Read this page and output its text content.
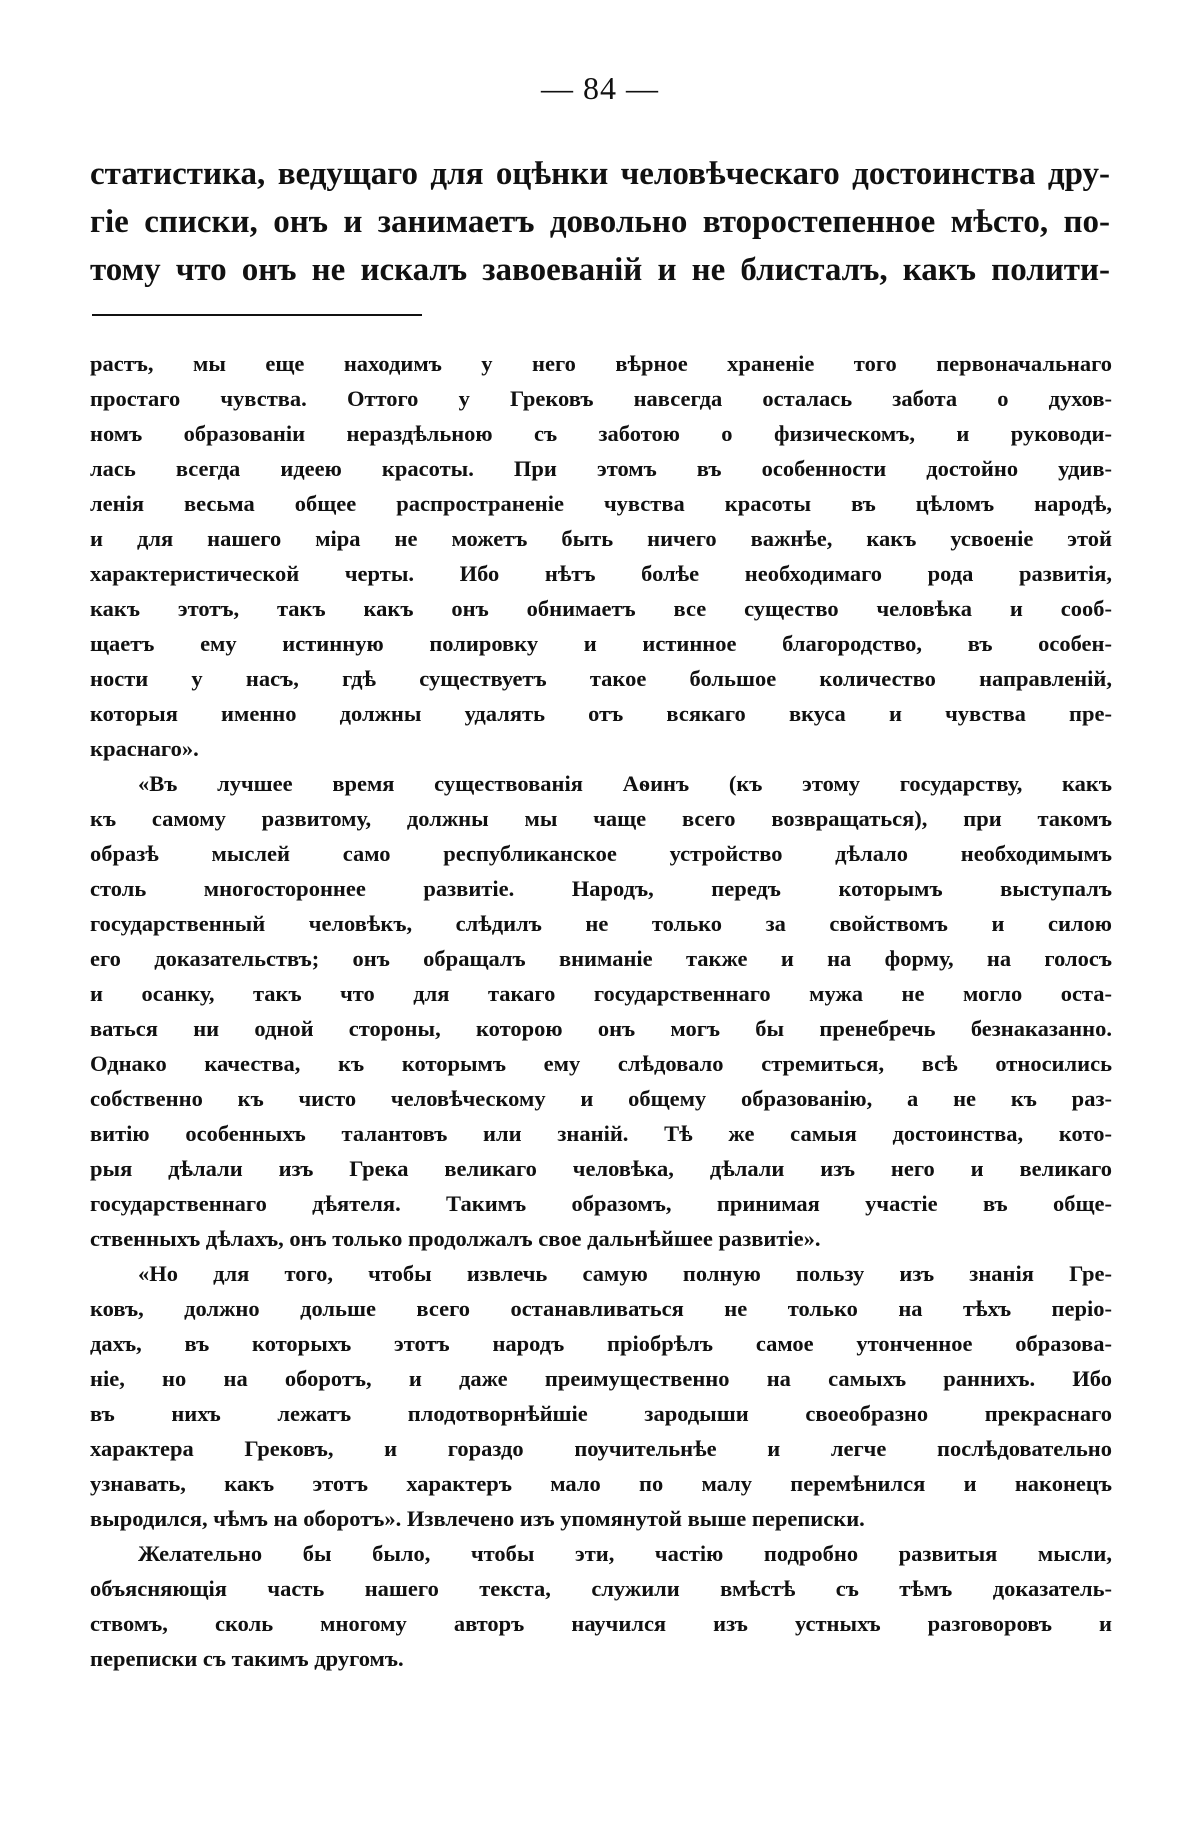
— 84 —
статистика, ведущаго для оцѣнки человѣческаго достоинства дру-
гіе списки, онъ и занимаетъ довольно второстепенное мѣсто, по-
тому что онъ не искалъ завоеваній и не блисталъ, какъ полити-
растъ, мы еще находимъ у него вѣрное храненіе того первоначальнаго
простаго чувства. Оттого у Грековъ навсегда осталась забота о духов-
номъ образованіи нераздѣльною съ заботою о физическомъ, и руководи-
лась всегда идеею красоты. При этомъ въ особенности достойно удив-
ленія весьма общее распространеніе чувства красоты въ цѣломъ народѣ,
и для нашего міра не можетъ быть ничего важнѣе, какъ усвоеніе этой
характеристической черты. Ибо нѣтъ болѣе необходимаго рода развитія,
какъ этотъ, такъ какъ онъ обнимаетъ все существо человѣка и сооб-
щаетъ ему истинную полировку и истинное благородство, въ особен-
ности у насъ, гдѣ существуетъ такое большое количество направленій,
которыя именно должны удалять отъ всякаго вкуса и чувства пре-
краснаго».
«Въ лучшее время существованія Аѳинъ (къ этому государству, какъ
къ самому развитому, должны мы чаще всего возвращаться), при такомъ
образѣ мыслей само республиканское устройство дѣлало необходимымъ
столь многостороннее развитіе. Народъ, передъ которымъ выступалъ
государственный человѣкъ, слѣдилъ не только за свойствомъ и силою
его доказательствъ; онъ обращалъ вниманіе также и на форму, на голосъ
и осанку, такъ что для такаго государственнаго мужа не могло оста-
ваться ни одной стороны, которою онъ могъ бы пренебречь безнаказанно.
Однако качества, къ которымъ ему слѣдовало стремиться, всѣ относились
собственно къ чисто человѣческому и общему образованію, а не къ раз-
витію особенныхъ талантовъ или знаній. Тѣ же самыя достоинства, кото-
рыя дѣлали изъ Грека великаго человѣка, дѣлали изъ него и великаго
государственнаго дѣятеля. Такимъ образомъ, принимая участіе въ обще-
ственныхъ дѣлахъ, онъ только продолжалъ свое дальнѣйшее развитіе».
«Но для того, чтобы извлечь самую полную пользу изъ знанія Гре-
ковъ, должно дольше всего останавливаться не только на тѣхъ періо-
дахъ, въ которыхъ этотъ народъ пріобрѣлъ самое утонченное образова-
ніе, но на оборотъ, и даже преимущественно на самыхъ раннихъ. Ибо
въ нихъ лежатъ плодотворнѣйшіе зародыши своеобразно прекраснаго
характера Грековъ, и гораздо поучительнѣе и легче послѣдовательно
узнавать, какъ этотъ характеръ мало по малу перемѣнился и наконецъ
выродился, чѣмъ на оборотъ». Извлечено изъ упомянутой выше переписки.
Желательно бы было, чтобы эти, частію подробно развитыя мысли,
объясняющія часть нашего текста, служили вмѣстѣ съ тѣмъ доказатель-
ствомъ, сколь многому авторъ научился изъ устныхъ разговоровъ и
переписки съ такимъ другомъ.
